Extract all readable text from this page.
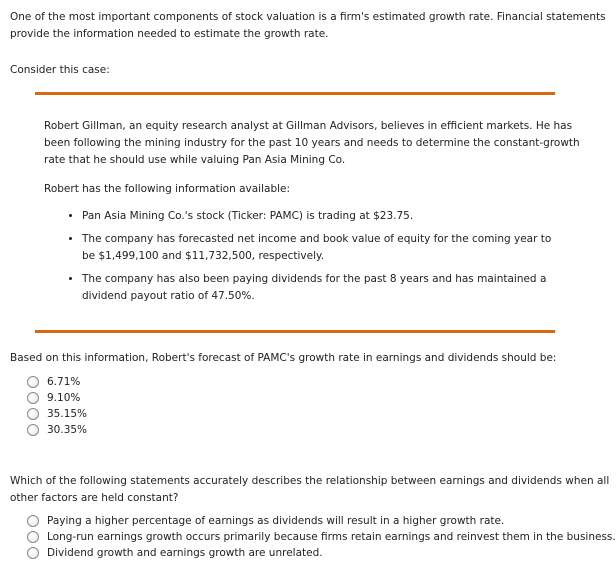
One of the most important components of stock valuation is a firm's estimated growth rate. Financial statements
provide the information needed to estimate the growth rate.
Consider this case:
Robert Gillman, an equity research analyst at Gillman Advisors, believes in efficient markets. He has
been following the mining industry for the past 10 years and needs to determine the constant-growth
rate that he should use while valuing Pan Asia Mining Co.
Robert has the following information available:
• Pan Asia Mining Co.'s stock (Ticker: PAMC) is trading at $23.75.
• The company has forecasted net income and book value of equity for the coming year to
be $1,499,100 and $11,732,500, respectively.
• The company has also been paying dividends for the past 8 years and has maintained a
dividend payout ratio of 47.50%.
Based on this information, Robert's forecast of PAMC's growth rate in earnings and dividends should be:
6.71%
9.10%
35.15%
30.35%
Which of the following statements accurately describes the relationship between earnings and dividends when all
other factors are held constant?
Paying a higher percentage of earnings as dividends will result in a higher growth rate.
Long-run earnings growth occurs primarily because firms retain earnings and reinvest them in the business.
Dividend growth and earnings growth are unrelated.
